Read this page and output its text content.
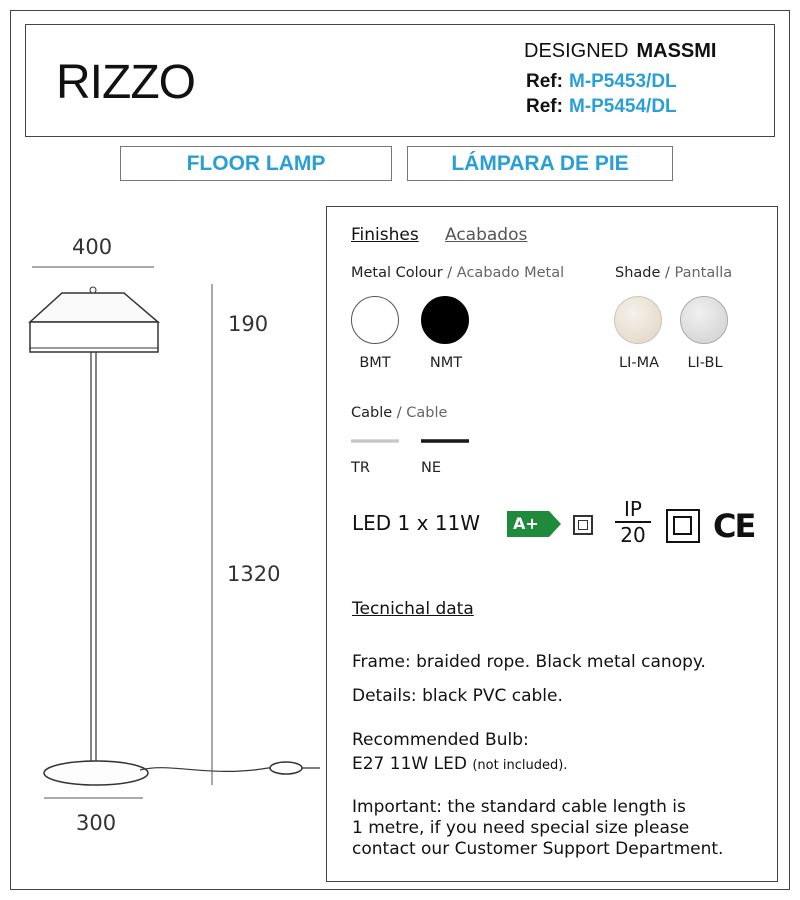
RIZZO
DESIGNED MASSMI
Ref: M-P5453/DL
Ref: M-P5454/DL
FLOOR LAMP	LÁMPARA DE PIE
400
190
1320
300
Finishes Acabados
Metal Colour / Acabado Metal
BMT	NMT
Shade / Pantalla
LI-MA	LI-BL
Cable / Cable
TR	NE
LED 1 x 11W A+
IP
20 CE
Tecnichal data
Frame: braided rope. Black metal canopy.
Details: black PVC cable.
Recommended Bulb:
E27 11W LED (not included).
Important: the standard cable length is
1 metre, if you need special size please
contact our Customer Support Department.
